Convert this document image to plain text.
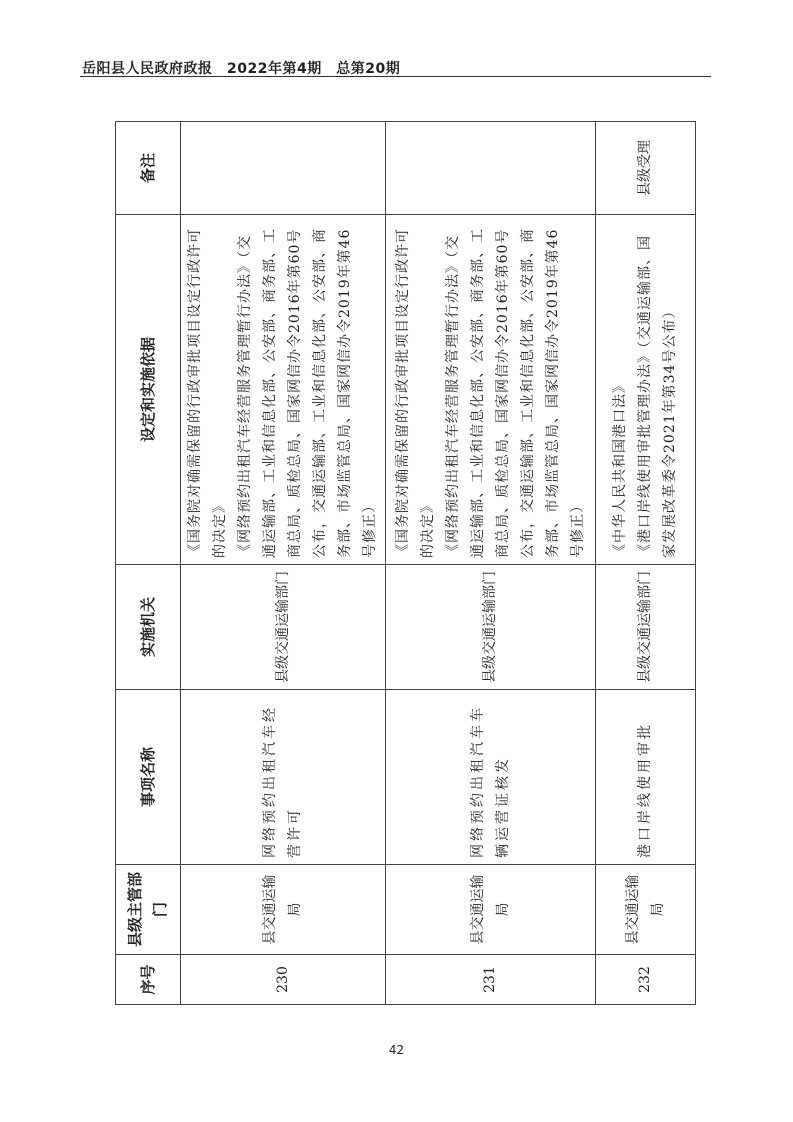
岳阳县人民政府政报　2022年第4期　总第20期
序号	县级主管部门	事项名称	实施机关	设定和实施依据	备注
230	县交通运输局	网络预约出租汽车经营许可	县级交通运输部门	《国务院对确需保留的行政审批项目设定行政许可的决定》
《网络预约出租汽车经营服务管理暂行办法》（交通运输部、工业和信息化部、公安部、商务部、工商总局、质检总局、国家网信办令2016年第60号公布，交通运输部、工业和信息化部、公安部、商务部、市场监管总局、国家网信办令2019年第46号修正）	
231	县交通运输局	网络预约出租汽车车辆运营证核发	县级交通运输部门	《国务院对确需保留的行政审批项目设定行政许可的决定》
《网络预约出租汽车经营服务管理暂行办法》（交通运输部、工业和信息化部、公安部、商务部、工商总局、质检总局、国家网信办令2016年第60号公布，交通运输部、工业和信息化部、公安部、商务部、市场监管总局、国家网信办令2019年第46号修正）	
232	县交通运输局	港口岸线使用审批	县级交通运输部门	《中华人民共和国港口法》
《港口岸线使用审批管理办法》（交通运输部、国家发展改革委令2021年第34号公布）	县级受理
42
